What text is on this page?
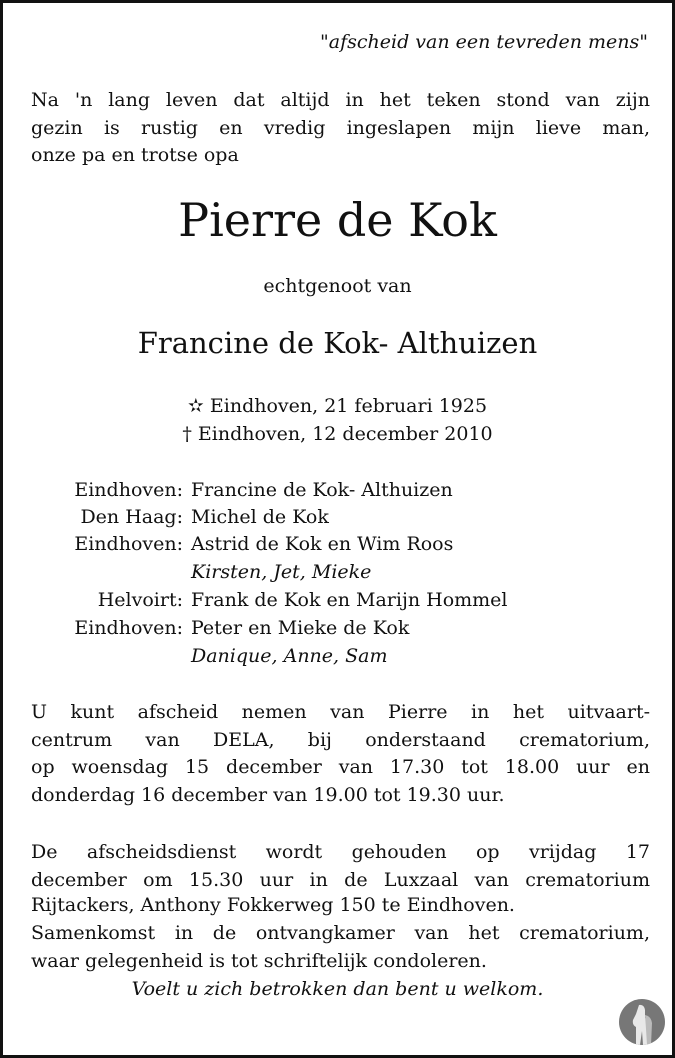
"afscheid van een tevreden mens"
Na 'n lang leven dat altijd in het teken stond van zijn
gezin is rustig en vredig ingeslapen mijn lieve man,
onze pa en trotse opa
Pierre de Kok
echtgenoot van
Francine de Kok- Althuizen
✫ Eindhoven, 21 februari 1925
† Eindhoven, 12 december 2010
Eindhoven: Francine de Kok- Althuizen
Den Haag: Michel de Kok
Eindhoven: Astrid de Kok en Wim Roos
Kirsten, Jet, Mieke
Helvoirt: Frank de Kok en Marijn Hommel
Eindhoven: Peter en Mieke de Kok
Danique, Anne, Sam
U kunt afscheid nemen van Pierre in het uitvaart-
centrum van DELA, bij onderstaand crematorium,
op woensdag 15 december van 17.30 tot 18.00 uur en
donderdag 16 december van 19.00 tot 19.30 uur.
De afscheidsdienst wordt gehouden op vrijdag 17
december om 15.30 uur in de Luxzaal van crematorium
Rijtackers, Anthony Fokkerweg 150 te Eindhoven.
Samenkomst in de ontvangkamer van het crematorium,
waar gelegenheid is tot schriftelijk condoleren.
Voelt u zich betrokken dan bent u welkom.
